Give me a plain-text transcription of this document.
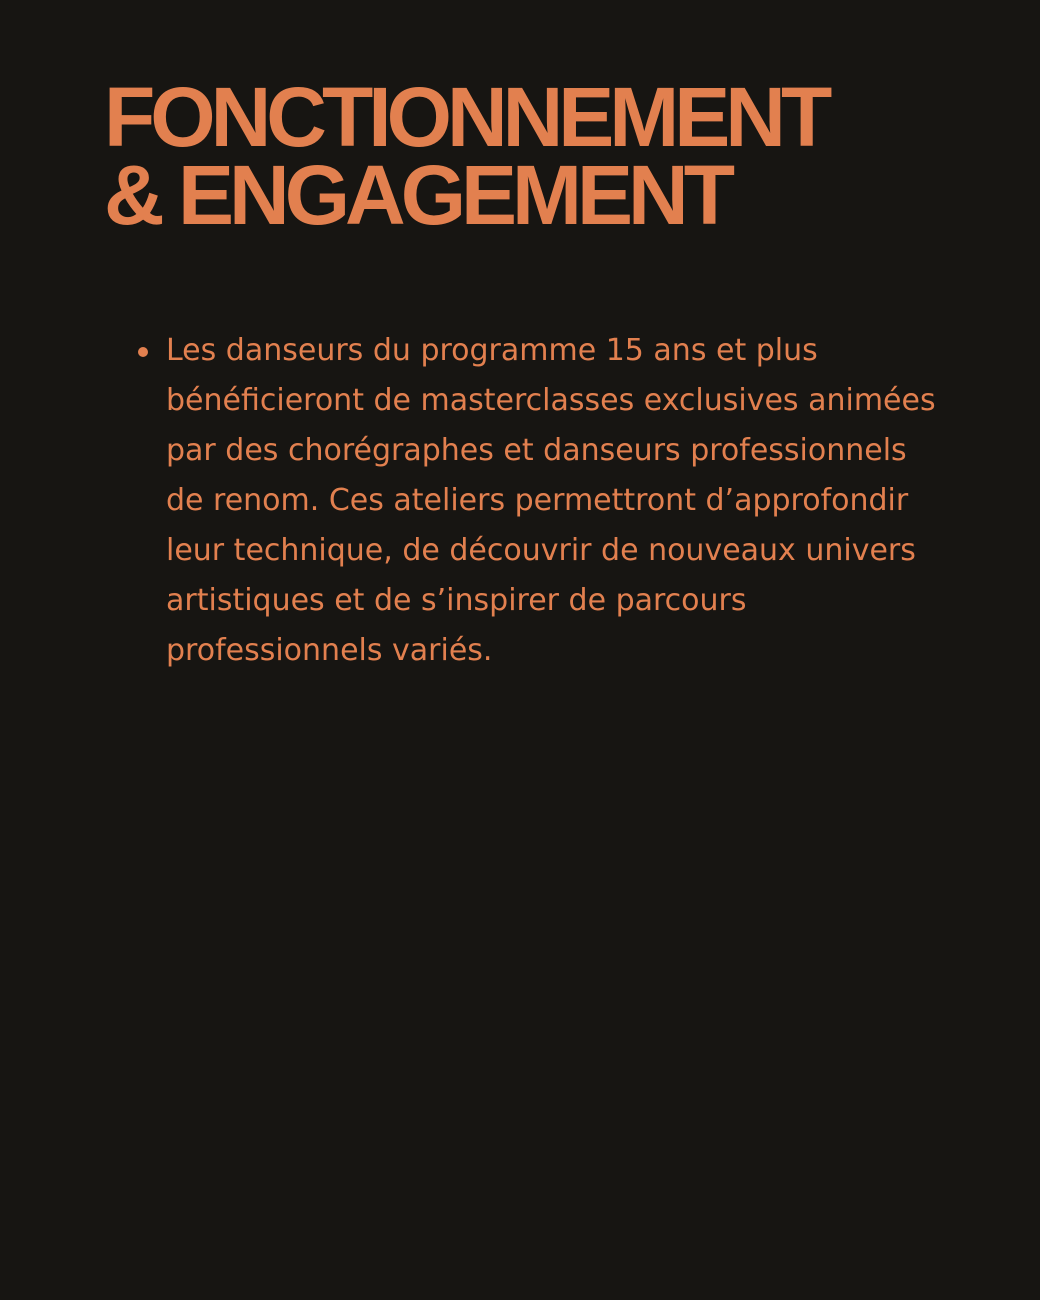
FONCTIONNEMENT
& ENGAGEMENT
Les danseurs du programme 15 ans et plus bénéficieront de masterclasses exclusives animées par des chorégraphes et danseurs professionnels de renom. Ces ateliers permettront d’approfondir leur technique, de découvrir de nouveaux univers artistiques et de s’inspirer de parcours professionnels variés.
